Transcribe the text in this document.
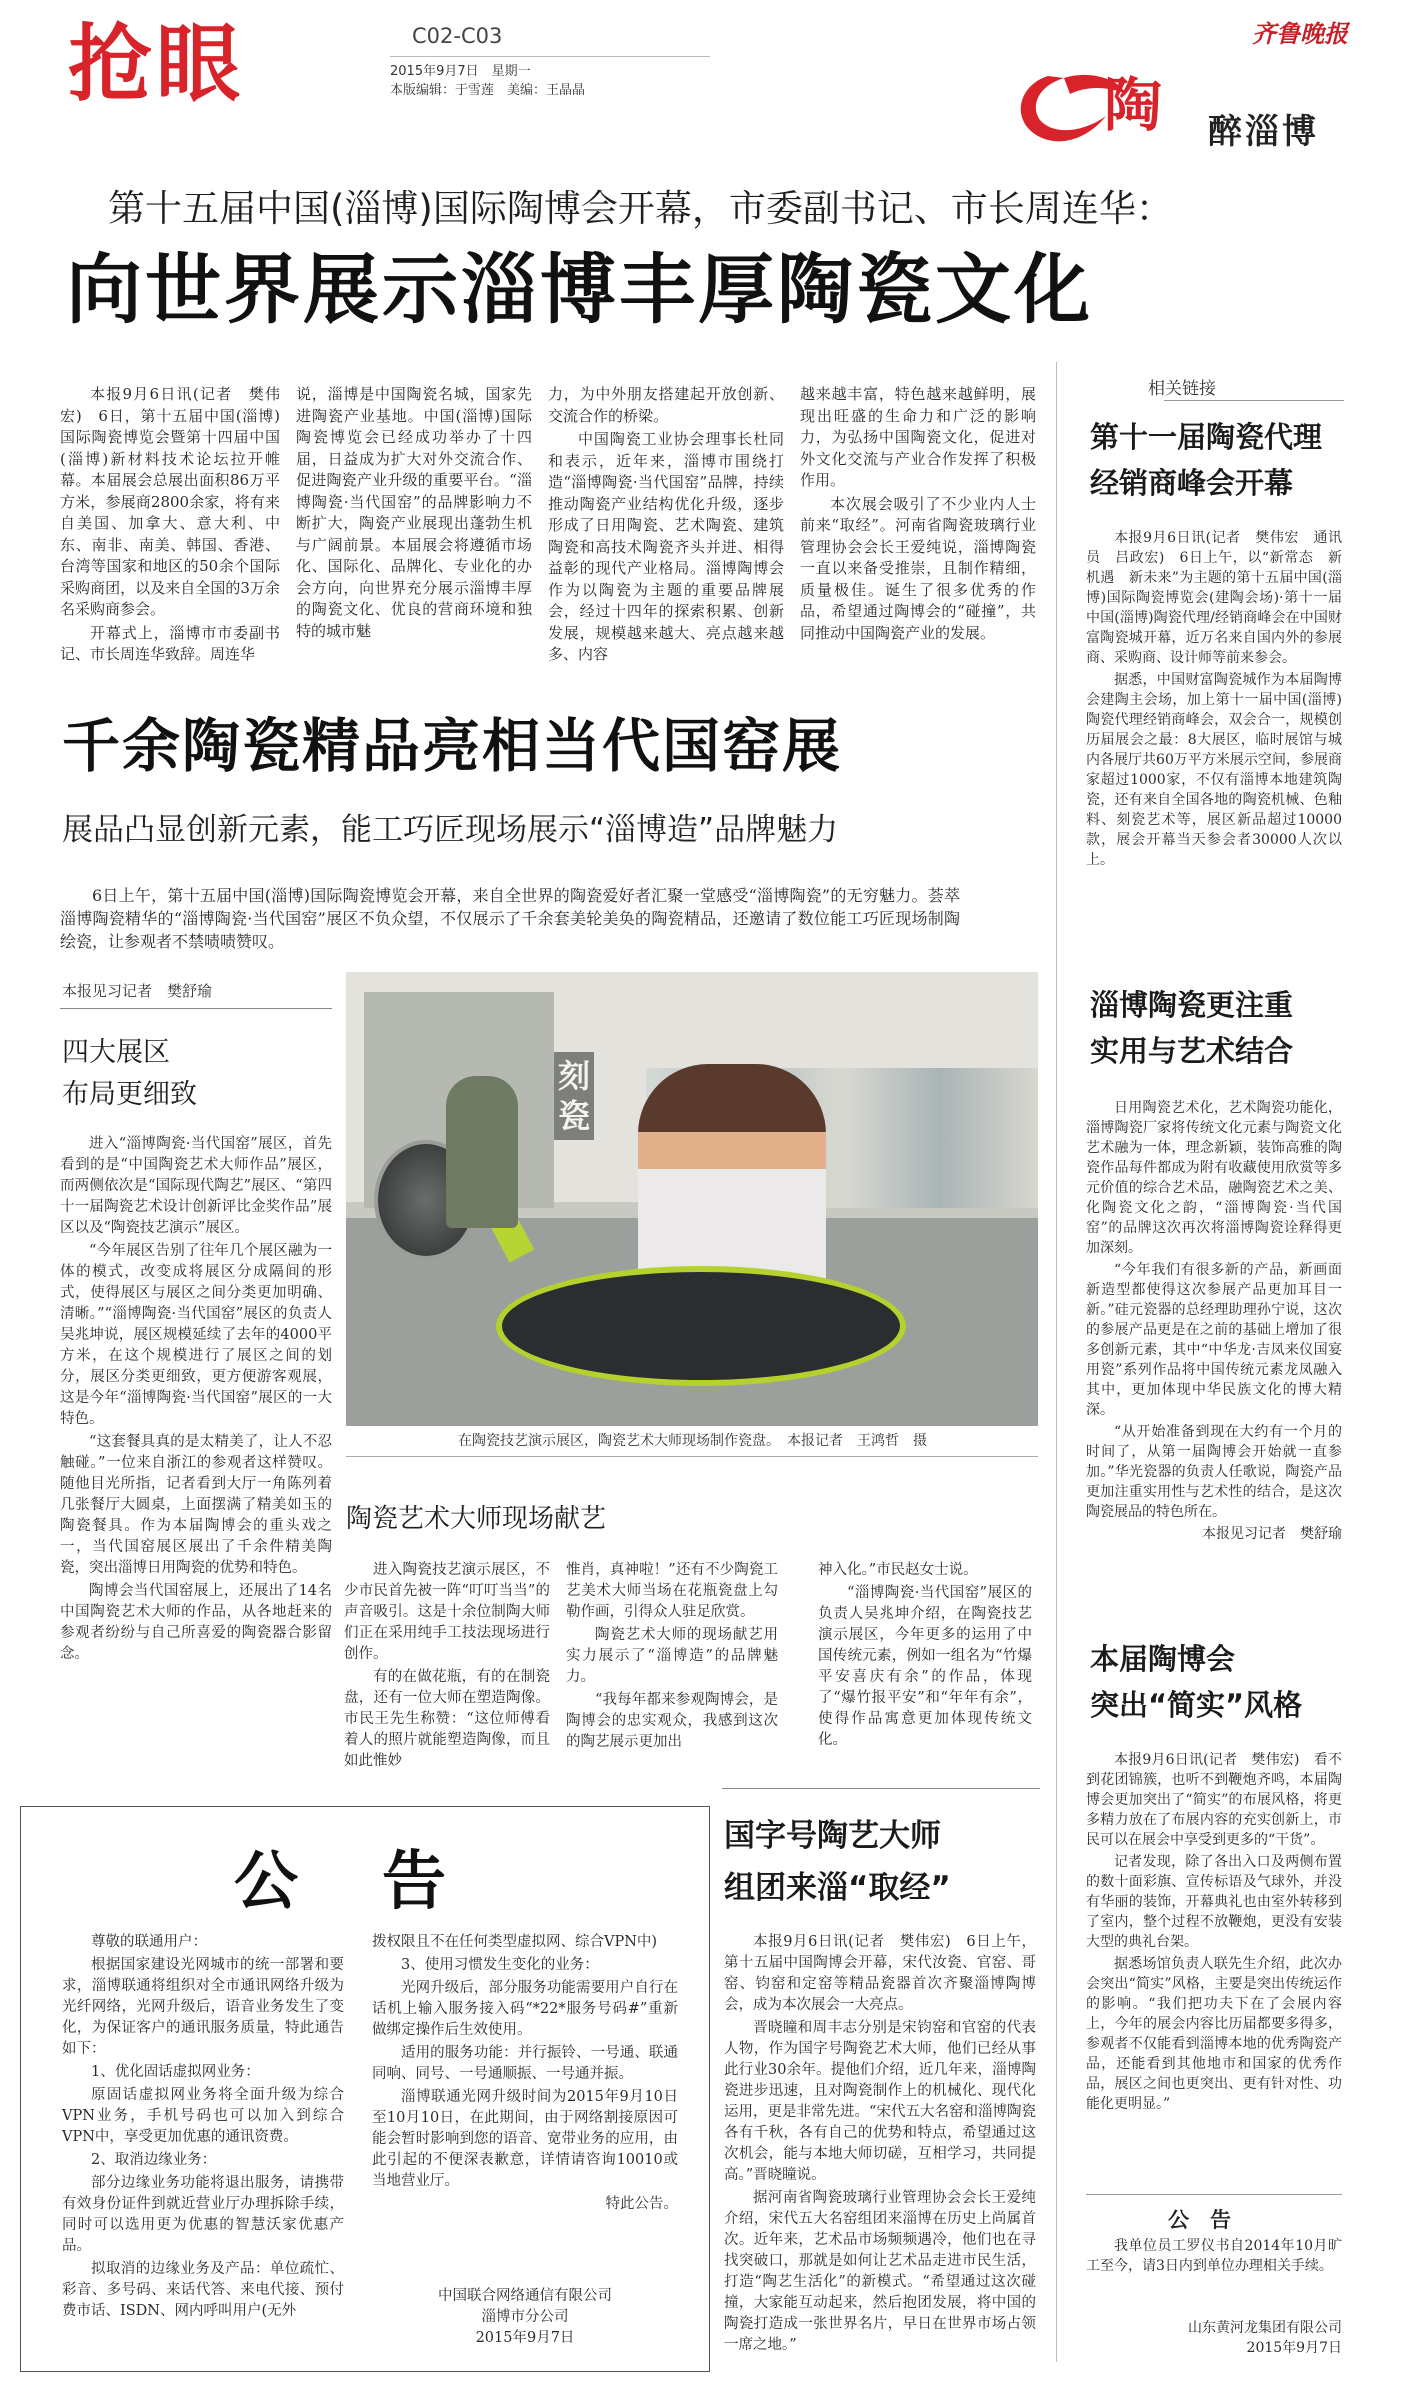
抢眼	C02-C03
2015年9月7日　星期一
本版编辑：于雪莲　美编：王晶晶
齐鲁晚报
陶 醉淄博
第十五届中国(淄博)国际陶博会开幕，市委副书记、市长周连华：
向世界展示淄博丰厚陶瓷文化

本报9月6日讯(记者　樊伟宏)　6日，第十五届中国(淄博)国际陶瓷博览会暨第十四届中国(淄博)新材料技术论坛拉开帷幕。本届展会总展出面积86万平方米，参展商2800余家，将有来自美国、加拿大、意大利、中东、南非、南美、韩国、香港、台湾等国家和地区的50余个国际采购商团，以及来自全国的3万余名采购商参会。

开幕式上，淄博市市委副书记、市长周连华致辞。周连华

说，淄博是中国陶瓷名城，国家先进陶瓷产业基地。中国(淄博)国际陶瓷博览会已经成功举办了十四届，日益成为扩大对外交流合作、促进陶瓷产业升级的重要平台。“淄博陶瓷·当代国窑”的品牌影响力不断扩大，陶瓷产业展现出蓬勃生机与广阔前景。本届展会将遵循市场化、国际化、品牌化、专业化的办会方向，向世界充分展示淄博丰厚的陶瓷文化、优良的营商环境和独特的城市魅

力，为中外朋友搭建起开放创新、交流合作的桥梁。

中国陶瓷工业协会理事长杜同和表示，近年来，淄博市围绕打造“淄博陶瓷·当代国窑”品牌，持续推动陶瓷产业结构优化升级，逐步形成了日用陶瓷、艺术陶瓷、建筑陶瓷和高技术陶瓷齐头并进、相得益彰的现代产业格局。淄博陶博会作为以陶瓷为主题的重要品牌展会，经过十四年的探索积累、创新发展，规模越来越大、亮点越来越多、内容

越来越丰富，特色越来越鲜明，展现出旺盛的生命力和广泛的影响力，为弘扬中国陶瓷文化，促进对外文化交流与产业合作发挥了积极作用。

本次展会吸引了不少业内人士前来“取经”。河南省陶瓷玻璃行业管理协会会长王爱纯说，淄博陶瓷一直以来备受推崇，且制作精细，质量极佳。诞生了很多优秀的作品，希望通过陶博会的“碰撞”，共同推动中国陶瓷产业的发展。

千余陶瓷精品亮相当代国窑展
展品凸显创新元素，能工巧匠现场展示“淄博造”品牌魅力

6日上午，第十五届中国(淄博)国际陶瓷博览会开幕，来自全世界的陶瓷爱好者汇聚一堂感受“淄博陶瓷”的无穷魅力。荟萃淄博陶瓷精华的“淄博陶瓷·当代国窑”展区不负众望，不仅展示了千余套美轮美奂的陶瓷精品，还邀请了数位能工巧匠现场制陶绘瓷，让参观者不禁啧啧赞叹。

本报见习记者　樊舒瑜
四大展区
布局更细致

进入“淄博陶瓷·当代国窑”展区，首先看到的是“中国陶瓷艺术大师作品”展区，而两侧依次是“国际现代陶艺”展区、“第四十一届陶瓷艺术设计创新评比金奖作品”展区以及“陶瓷技艺演示”展区。

“今年展区告别了往年几个展区融为一体的模式，改变成将展区分成隔间的形式，使得展区与展区之间分类更加明确、清晰。”“淄博陶瓷·当代国窑”展区的负责人吴兆坤说，展区规模延续了去年的4000平方米，在这个规模进行了展区之间的划分，展区分类更细致，更方便游客观展，这是今年“淄博陶瓷·当代国窑”展区的一大特色。

“这套餐具真的是太精美了，让人不忍触碰。”一位来自浙江的参观者这样赞叹。随他目光所指，记者看到大厅一角陈列着几张餐厅大圆桌，上面摆满了精美如玉的陶瓷餐具。作为本届陶博会的重头戏之一，当代国窑展区展出了千余件精美陶瓷，突出淄博日用陶瓷的优势和特色。

陶博会当代国窑展上，还展出了14名中国陶瓷艺术大师的作品，从各地赶来的参观者纷纷与自己所喜爱的陶瓷器合影留念。

刻瓷
在陶瓷技艺演示展区，陶瓷艺术大师现场制作瓷盘。　本报记者　王鸿哲　摄
陶瓷艺术大师现场献艺

进入陶瓷技艺演示展区，不少市民首先被一阵“叮叮当当”的声音吸引。这是十余位制陶大师们正在采用纯手工技法现场进行创作。

有的在做花瓶，有的在制瓷盘，还有一位大师在塑造陶像。市民王先生称赞：“这位师傅看着人的照片就能塑造陶像，而且如此惟妙

惟肖，真神啦！”还有不少陶瓷工艺美术大师当场在花瓶瓷盘上勾勒作画，引得众人驻足欣赏。

陶瓷艺术大师的现场献艺用实力展示了“淄博造”的品牌魅力。

“我每年都来参观陶博会，是陶博会的忠实观众，我感到这次的陶艺展示更加出

神入化。”市民赵女士说。

“淄博陶瓷·当代国窑”展区的负责人吴兆坤介绍，在陶瓷技艺演示展区，今年更多的运用了中国传统元素，例如一组名为“竹爆平安喜庆有余”的作品，体现了“爆竹报平安”和“年年有余”，使得作品寓意更加体现传统文化。

公　告

尊敬的联通用户：

根据国家建设光网城市的统一部署和要求，淄博联通将组织对全市通讯网络升级为光纤网络，光网升级后，语音业务发生了变化，为保证客户的通讯服务质量，特此通告如下：

1、优化固话虚拟网业务：

原固话虚拟网业务将全面升级为综合VPN业务，手机号码也可以加入到综合VPN中，享受更加优惠的通讯资费。

2、取消边缘业务：

部分边缘业务功能将退出服务，请携带有效身份证件到就近营业厅办理拆除手续，同时可以选用更为优惠的智慧沃家优惠产品。

拟取消的边缘业务及产品：单位疏忙、彩音、多号码、来话代答、来电代接、预付费市话、ISDN、网内呼叫用户(无外

拨权限且不在任何类型虚拟网、综合VPN中)

3、使用习惯发生变化的业务：

光网升级后，部分服务功能需要用户自行在话机上输入服务接入码“*22*服务号码#”重新做绑定操作后生效使用。

适用的服务功能：并行振铃、一号通、联通同响、同号、一号通顺振、一号通并振。

淄博联通光网升级时间为2015年9月10日至10月10日，在此期间，由于网络割接原因可能会暂时影响到您的语音、宽带业务的应用，由此引起的不便深表歉意，详情请咨询10010或当地营业厅。

特此公告。

中国联合网络通信有限公司
淄博市分公司
2015年9月7日
国字号陶艺大师
组团来淄“取经”

本报9月6日讯(记者　樊伟宏)　6日上午，第十五届中国陶博会开幕，宋代汝瓷、官窑、哥窑、钧窑和定窑等精品瓷器首次齐聚淄博陶博会，成为本次展会一大亮点。

晋晓瞳和周丰志分别是宋钧窑和官窑的代表人物，作为国字号陶瓷艺术大师，他们已经从事此行业30余年。提他们介绍，近几年来，淄博陶瓷进步迅速，且对陶瓷制作上的机械化、现代化运用，更是非常先进。“宋代五大名窑和淄博陶瓷各有千秋，各有自己的优势和特点，希望通过这次机会，能与本地大师切磋，互相学习，共同提高。”晋晓瞳说。

据河南省陶瓷玻璃行业管理协会会长王爱纯介绍，宋代五大名窑组团来淄博在历史上尚属首次。近年来，艺术品市场频频遇冷，他们也在寻找突破口，那就是如何让艺术品走进市民生活，打造“陶艺生活化”的新模式。“希望通过这次碰撞，大家能互动起来，然后抱团发展，将中国的陶瓷打造成一张世界名片，早日在世界市场占领一席之地。”

相关链接
第十一届陶瓷代理
经销商峰会开幕

本报9月6日讯(记者　樊伟宏　通讯员　吕政宏)　6日上午，以“新常态　新机遇　新未来”为主题的第十五届中国(淄博)国际陶瓷博览会(建陶会场)·第十一届中国(淄博)陶瓷代理/经销商峰会在中国财富陶瓷城开幕，近万名来自国内外的参展商、采购商、设计师等前来参会。

据悉，中国财富陶瓷城作为本届陶博会建陶主会场，加上第十一届中国(淄博)陶瓷代理经销商峰会，双会合一，规模创历届展会之最：8大展区，临时展馆与城内各展厅共60万平方米展示空间，参展商家超过1000家，不仅有淄博本地建筑陶瓷，还有来自全国各地的陶瓷机械、色釉料、刻瓷艺术等，展区新品超过10000款，展会开幕当天参会者30000人次以上。

淄博陶瓷更注重
实用与艺术结合

日用陶瓷艺术化，艺术陶瓷功能化，淄博陶瓷厂家将传统文化元素与陶瓷文化艺术融为一体，理念新颖，装饰高雅的陶瓷作品每件都成为附有收藏使用欣赏等多元价值的综合艺术品，融陶瓷艺术之美、化陶瓷文化之韵，“淄博陶瓷·当代国窑”的品牌这次再次将淄博陶瓷诠释得更加深刻。

“今年我们有很多新的产品，新画面新造型都使得这次参展产品更加耳目一新。”硅元瓷器的总经理助理孙宁说，这次的参展产品更是在之前的基础上增加了很多创新元素，其中“中华龙·吉凤来仪国宴用瓷”系列作品将中国传统元素龙凤融入其中，更加体现中华民族文化的博大精深。

“从开始准备到现在大约有一个月的时间了，从第一届陶博会开始就一直参加。”华光瓷器的负责人任歌说，陶瓷产品更加注重实用性与艺术性的结合，是这次陶瓷展品的特色所在。

本报见习记者　樊舒瑜

本届陶博会
突出“简实”风格

本报9月6日讯(记者　樊伟宏)　看不到花团锦簇，也听不到鞭炮齐鸣，本届陶博会更加突出了“简实”的布展风格，将更多精力放在了布展内容的充实创新上，市民可以在展会中享受到更多的“干货”。

记者发现，除了各出入口及两侧布置的数十面彩旗、宣传标语及气球外，并没有华丽的装饰，开幕典礼也由室外转移到了室内，整个过程不放鞭炮，更没有安装大型的典礼台架。

据悉场馆负责人联先生介绍，此次办会突出“简实”风格，主要是突出传统运作的影响。“我们把功夫下在了会展内容上，今年的展会内容比历届都要多得多，参观者不仅能看到淄博本地的优秀陶瓷产品，还能看到其他地市和国家的优秀作品，展区之间也更突出、更有针对性、功能化更明显。”

公　告

我单位员工罗仪书自2014年10月旷工至今，请3日内到单位办理相关手续。

山东黄河龙集团有限公司
2015年9月7日
